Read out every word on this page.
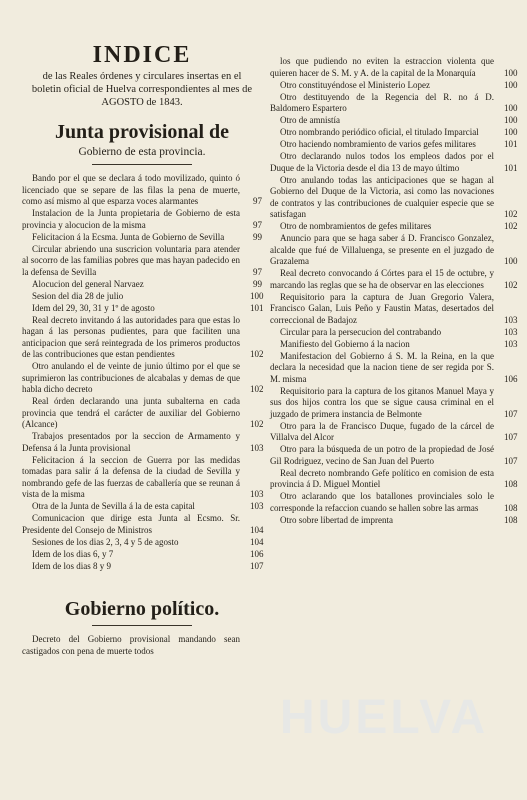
HUELVA
INDICE
de las Reales órdenes y circulares insertas en el boletin oficial de Huelva correspondientes al mes de AGOSTO de 1843.
Junta provisional de
Gobierno de esta provincia.
Bando por el que se declara á todo movilizado, quinto ó licenciado que se separe de las filas la pena de muerte, como así mismo al que esparza voces alarmantes	97
Instalacion de la Junta propietaria de Gobierno de esta provincia y alocucion de la misma	97
Felicitacion á la Ecsma. Junta de Gobierno de Sevilla	99
Circular abriendo una suscricion voluntaria para atender al socorro de las familias pobres que mas hayan padecido en la defensa de Sevilla	97
Alocucion del general Narvaez	99
Sesion del dia 28 de julio	100
Idem del 29, 30, 31 y 1º de agosto	101
Real decreto invitando á las autoridades para que estas lo hagan á las personas pudientes, para que faciliten una anticipacion que será reintegrada de los primeros productos de las contribuciones que estan pendientes	102
Otro anulando el de veinte de junio último por el que se suprimieron las contribuciones de alcabalas y demas de que habla dicho decreto	102
Real órden declarando una junta subalterna en cada provincia que tendrá el carácter de auxiliar del Gobierno (Alcance)	102
Trabajos presentados por la seccion de Armamento y Defensa á la Junta provisional	103
Felicitacion á la seccion de Guerra por las medidas tomadas para salir á la defensa de la ciudad de Sevilla y nombrando gefe de las fuerzas de caballería que se reunan á vista de la misma	103
Otra de la Junta de Sevilla á la de esta capital	103
Comunicacion que dirige esta Junta al Ecsmo. Sr. Presidente del Consejo de Ministros	104
Sesiones de los dias 2, 3, 4 y 5 de agosto	104
Idem de los dias 6, y 7	106
Idem de los dias 8 y 9	107
Gobierno político.
Decreto del Gobierno provisional mandando sean castigados con pena de muerte todos
los que pudiendo no eviten la estraccion violenta que quieren hacer de S. M. y A. de la capital de la Monarquía	100
Otro constituyéndose el Ministerio Lopez	100
Otro destituyendo de la Regencia del R. no á D. Baldomero Espartero	100
Otro de amnistía	100
Otro nombrando periódico oficial, el titulado Imparcial	100
Otro haciendo nombramiento de varios gefes militares	101
Otro declarando nulos todos los empleos dados por el Duque de la Victoria desde el dia 13 de mayo último	101
Otro anulando todas las anticipaciones que se hagan al Gobierno del Duque de la Victoria, asi como las novaciones de contratos y las contribuciones de cualquier especie que se satisfagan	102
Otro de nombramientos de gefes militares	102
Anuncio para que se haga saber á D. Francisco Gonzalez, alcalde que fué de Villaluenga, se presente en el juzgado de Grazalema	100
Real decreto convocando á Córtes para el 15 de octubre, y marcando las reglas que se ha de observar en las elecciones	102
Requisitorio para la captura de Juan Gregorio Valera, Francisco Galan, Luis Peño y Faustin Matas, desertados del correccional de Badajoz	103
Circular para la persecucion del contrabando	103
Manifiesto del Gobierno á la nacion	103
Manifestacion del Gobierno á S. M. la Reina, en la que declara la necesidad que la nacion tiene de ser regida por S. M. misma	106
Requisitorio para la captura de los gitanos Manuel Maya y sus dos hijos contra los que se sigue causa criminal en el juzgado de primera instancia de Belmonte	107
Otro para la de Francisco Duque, fugado de la cárcel de Villalva del Alcor	107
Otro para la búsqueda de un potro de la propiedad de José Gil Rodriguez, vecino de San Juan del Puerto	107
Real decreto nombrando Gefe político en comision de esta provincia á D. Miguel Montiel	108
Otro aclarando que los batallones provinciales solo le corresponde la refaccion cuando se hallen sobre las armas	108
Otro sobre libertad de imprenta	108
